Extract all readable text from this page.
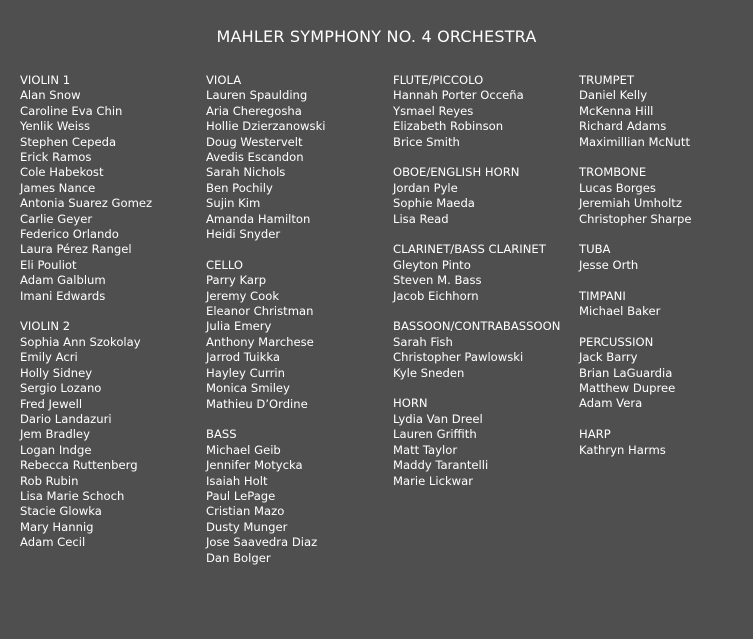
MAHLER SYMPHONY NO. 4 ORCHESTRA
VIOLIN 1
Alan Snow
Caroline Eva Chin
Yenlik Weiss
Stephen Cepeda
Erick Ramos
Cole Habekost
James Nance
Antonia Suarez Gomez
Carlie Geyer
Federico Orlando
Laura Pérez Rangel
Eli Pouliot
Adam Galblum
Imani Edwards
VIOLIN 2
Sophia Ann Szokolay
Emily Acri
Holly Sidney
Sergio Lozano
Fred Jewell
Dario Landazuri
Jem Bradley
Logan Indge
Rebecca Ruttenberg
Rob Rubin
Lisa Marie Schoch
Stacie Glowka
Mary Hannig
Adam Cecil
VIOLA
Lauren Spaulding
Aria Cheregosha
Hollie Dzierzanowski
Doug Westervelt
Avedis Escandon
Sarah Nichols
Ben Pochily
Sujin Kim
Amanda Hamilton
Heidi Snyder
CELLO
Parry Karp
Jeremy Cook
Eleanor Christman
Julia Emery
Anthony Marchese
Jarrod Tuikka
Hayley Currin
Monica Smiley
Mathieu D’Ordine
BASS
Michael Geib
Jennifer Motycka
Isaiah Holt
Paul LePage
Cristian Mazo
Dusty Munger
Jose Saavedra Diaz
Dan Bolger
FLUTE/PICCOLO
Hannah Porter Occeña
Ysmael Reyes
Elizabeth Robinson
Brice Smith
OBOE/ENGLISH HORN
Jordan Pyle
Sophie Maeda
Lisa Read
CLARINET/BASS CLARINET
Gleyton Pinto
Steven M. Bass
Jacob Eichhorn
BASSOON/CONTRABASSOON
Sarah Fish
Christopher Pawlowski
Kyle Sneden
HORN
Lydia Van Dreel
Lauren Griffith
Matt Taylor
Maddy Tarantelli
Marie Lickwar
TRUMPET
Daniel Kelly
McKenna Hill
Richard Adams
Maximillian McNutt
TROMBONE
Lucas Borges
Jeremiah Umholtz
Christopher Sharpe
TUBA
Jesse Orth
TIMPANI
Michael Baker
PERCUSSION
Jack Barry
Brian LaGuardia
Matthew Dupree
Adam Vera
HARP
Kathryn Harms
